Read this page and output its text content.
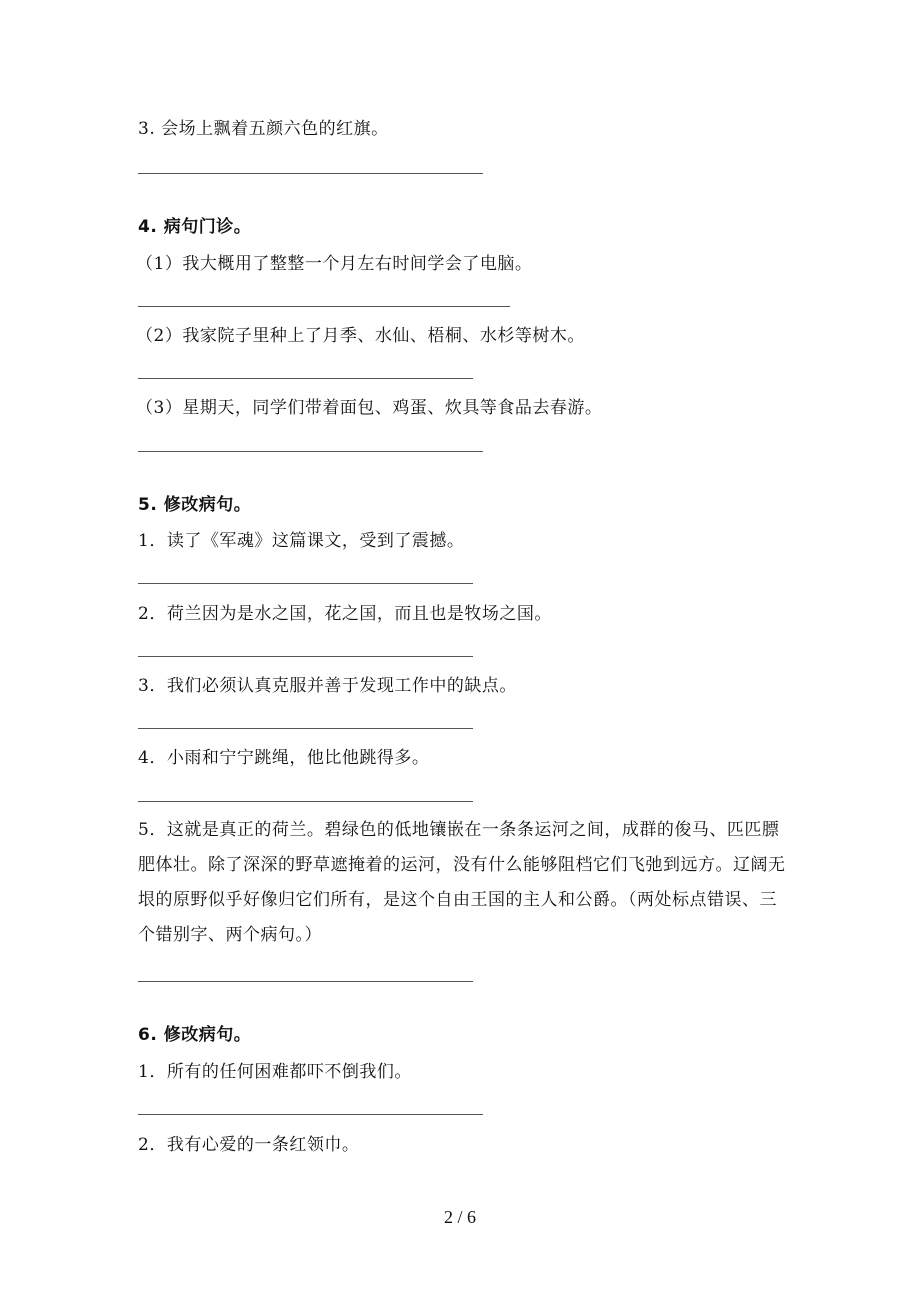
3. 会场上飘着五颜六色的红旗。
4. 病句门诊。
（1）我大概用了整整一个月左右时间学会了电脑。
（2）我家院子里种上了月季、水仙、梧桐、水杉等树木。
（3）星期天，同学们带着面包、鸡蛋、炊具等食品去春游。
5. 修改病句。
1．读了《军魂》这篇课文，受到了震撼。
2．荷兰因为是水之国，花之国，而且也是牧场之国。
3．我们必须认真克服并善于发现工作中的缺点。
4．小雨和宁宁跳绳，他比他跳得多。
5．这就是真正的荷兰。碧绿色的低地镶嵌在一条条运河之间，成群的俊马、匹匹膘肥体壮。除了深深的野草遮掩着的运河，没有什么能够阻档它们飞弛到远方。辽阔无垠的原野似乎好像归它们所有，是这个自由王国的主人和公爵。（两处标点错误、三个错别字、两个病句。）
6. 修改病句。
1．所有的任何困难都吓不倒我们。
2．我有心爱的一条红领巾。
2 / 6
